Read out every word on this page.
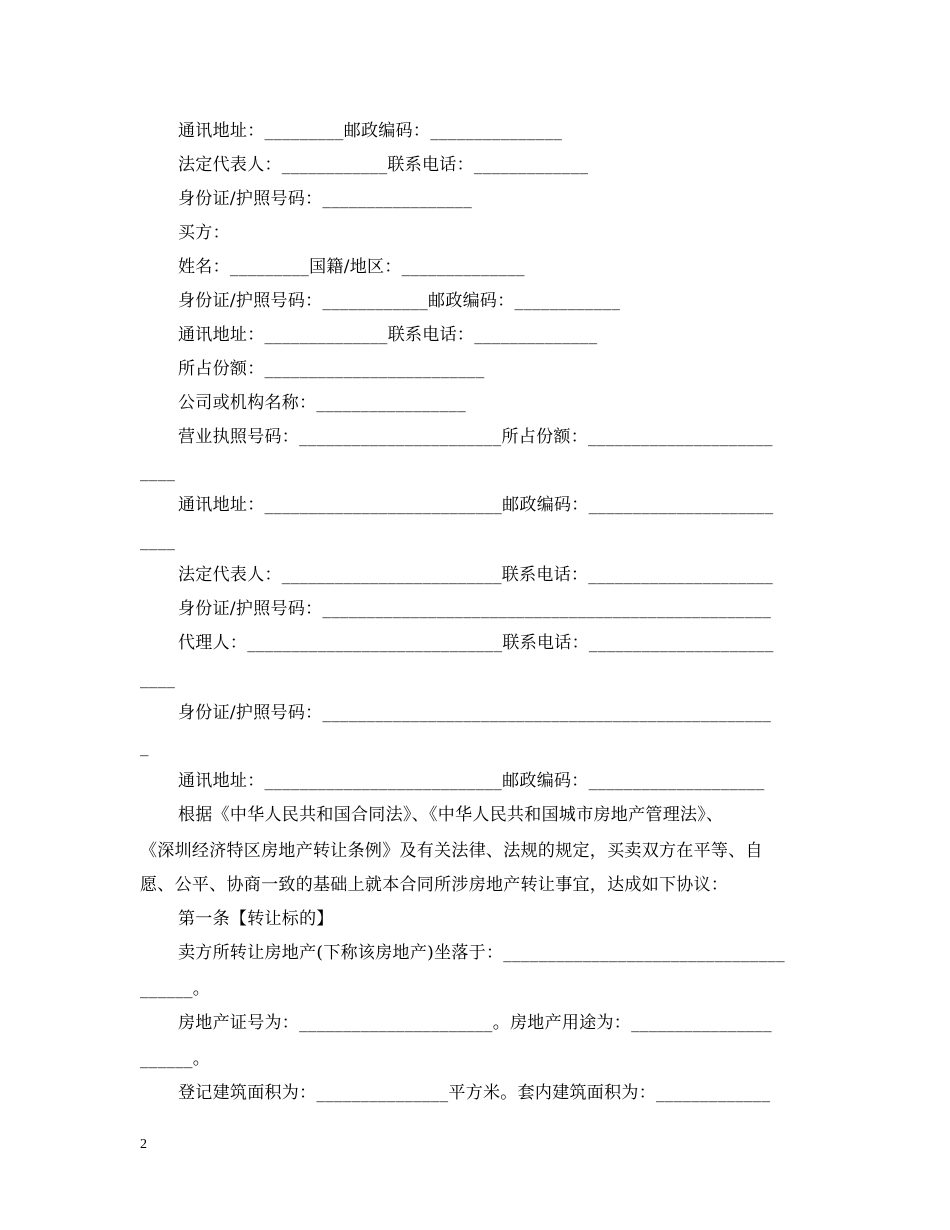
通讯地址：_________邮政编码：_______________
法定代表人：____________联系电话：_____________
身份证/护照号码：_________________
买方：
姓名：_________国籍/地区：______________
身份证/护照号码：____________邮政编码：____________
通讯地址：______________联系电话：______________
所占份额：_________________________
公司或机构名称：_________________
营业执照号码：_______________________所占份额：_____________________
____
通讯地址：___________________________邮政编码：_____________________
____
法定代表人：_________________________联系电话：_____________________
身份证/护照号码：___________________________________________________
代理人：_____________________________联系电话：_____________________
____
身份证/护照号码：___________________________________________________
_
通讯地址：___________________________邮政编码：____________________
根据《中华人民共和国合同法》、《中华人民共和国城市房地产管理法》、
《深圳经济特区房地产转让条例》及有关法律、法规的规定，买卖双方在平等、自
愿、公平、协商一致的基础上就本合同所涉房地产转让事宜，达成如下协议：
第一条【转让标的】
卖方所转让房地产(下称该房地产)坐落于：________________________________
______。
房地产证号为：______________________。房地产用途为：________________
______。
登记建筑面积为：_______________平方米。套内建筑面积为：_____________
2
